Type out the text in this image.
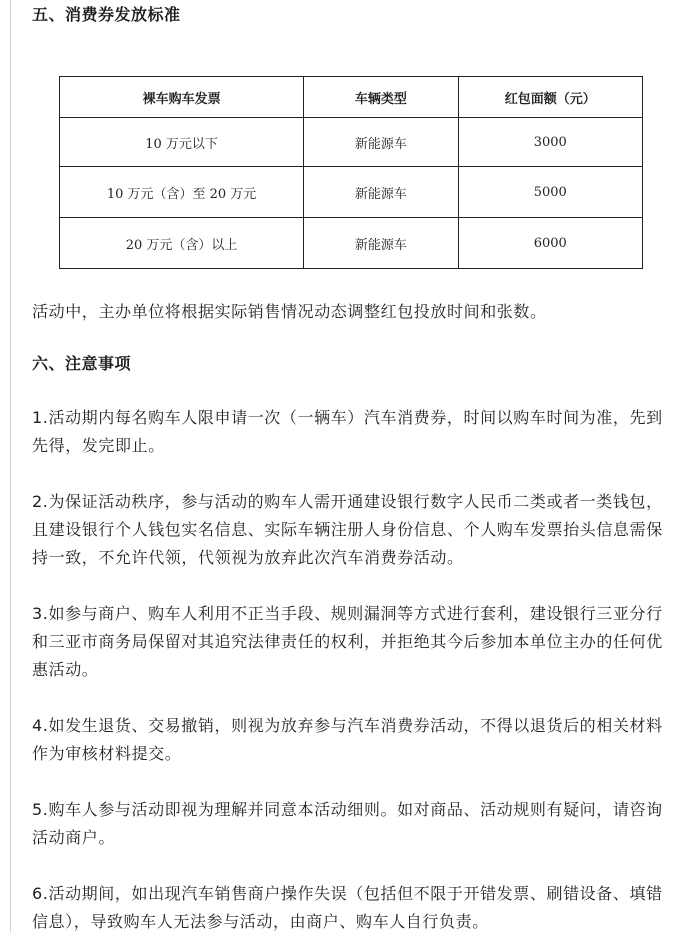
五、消费券发放标准
裸车购车发票	车辆类型	红包面额（元）
10 万元以下	新能源车	3000
10 万元（含）至 20 万元	新能源车	5000
20 万元（含）以上	新能源车	6000

活动中，主办单位将根据实际销售情况动态调整红包投放时间和张数。

六、注意事项

1.活动期内每名购车人限申请一次（一辆车）汽车消费券，时间以购车时间为准，先到先得，发完即止。

2.为保证活动秩序，参与活动的购车人需开通建设银行数字人民币二类或者一类钱包，且建设银行个人钱包实名信息、实际车辆注册人身份信息、个人购车发票抬头信息需保持一致，不允许代领，代领视为放弃此次汽车消费券活动。

3.如参与商户、购车人利用不正当手段、规则漏洞等方式进行套利，建设银行三亚分行和三亚市商务局保留对其追究法律责任的权利，并拒绝其今后参加本单位主办的任何优惠活动。

4.如发生退货、交易撤销，则视为放弃参与汽车消费券活动，不得以退货后的相关材料作为审核材料提交。

5.购车人参与活动即视为理解并同意本活动细则。如对商品、活动规则有疑问，请咨询活动商户。

6.活动期间，如出现汽车销售商户操作失误（包括但不限于开错发票、刷错设备、填错信息），导致购车人无法参与活动，由商户、购车人自行负责。
